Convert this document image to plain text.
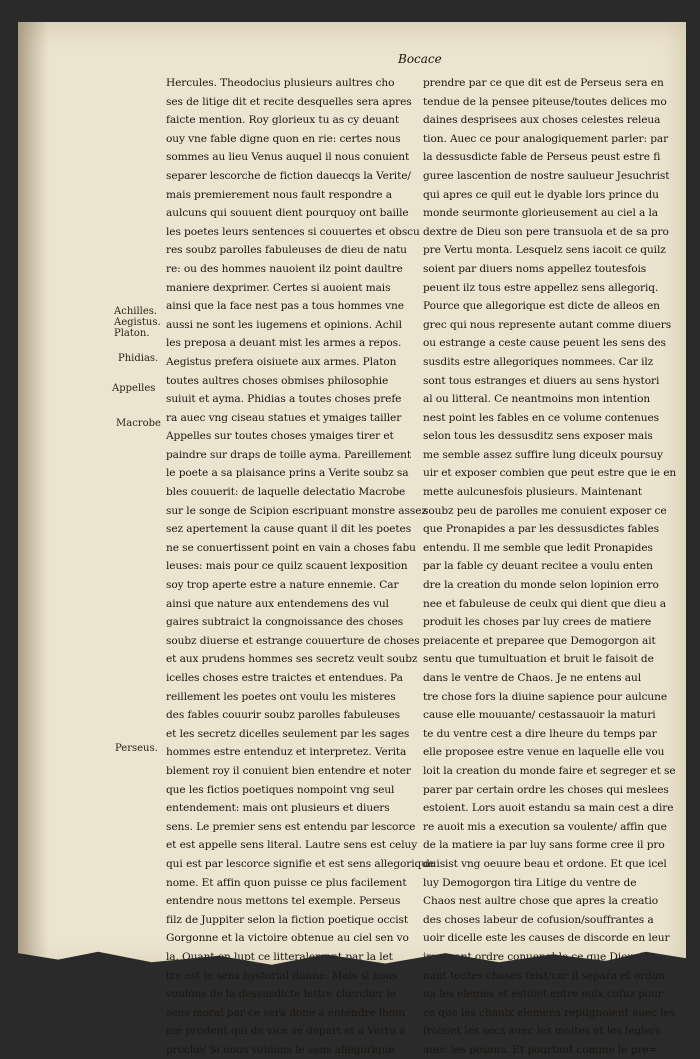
Bocace
Achilles.
Aegistus.
Platon.
Phidias.
Appelles
Macrobe
Perseus.
Hercules. Theodocius plusieurs aultres cho
ses de litige dit et recite desquelles sera apres
faicte mention. Roy glorieux tu as cy deuant
ouy vne fable digne quon en rie: certes nous
sommes au lieu Venus auquel il nous conuient
separer lescorche de fiction dauecqs la Verite/
mais premierement nous fault respondre a
aulcuns qui souuent dient pourquoy ont baille
les poetes leurs sentences si couuertes et obscu
res soubz parolles fabuleuses de dieu de natu
re: ou des hommes nauoient ilz point daultre
maniere dexprimer. Certes si auoient mais
ainsi que la face nest pas a tous hommes vne
aussi ne sont les iugemens et opinions. Achil
les preposa a deuant mist les armes a repos.
Aegistus prefera oisiuete aux armes. Platon
toutes aultres choses obmises philosophie
suiuit et ayma. Phidias a toutes choses prefe
ra auec vng ciseau statues et ymaiges tailler
Appelles sur toutes choses ymaiges tirer et
paindre sur draps de toille ayma. Pareillement
le poete a sa plaisance prins a Verite soubz sa
bles couuerit: de laquelle delectatio Macrobe
sur le songe de Scipion escripuant monstre assez
sez apertement la cause quant il dit les poetes
ne se conuertissent point en vain a choses fabu
leuses: mais pour ce quilz scauent lexposition
soy trop aperte estre a nature ennemie. Car
ainsi que nature aux entendemens des vul
gaires subtraict la congnoissance des choses
soubz diuerse et estrange couuerture de choses
et aux prudens hommes ses secretz veult soubz
icelles choses estre traictes et entendues. Pa
reillement les poetes ont voulu les misteres
des fables couurir soubz parolles fabuleuses
et les secretz dicelles seulement par les sages
hommes estre entenduz et interpretez. Verita
blement roy il conuient bien entendre et noter
que les fictios poetiques nompoint vng seul
entendement: mais ont plusieurs et diuers
sens. Le premier sens est entendu par lescorce
et est appelle sens literal. Lautre sens est celuy
qui est par lescorce signifie et est sens allegorique
nome. Et affin quon puisse ce plus facilement
entendre nous mettons tel exemple. Perseus
filz de Juppiter selon la fiction poetique occist
Gorgonne et la victoire obtenue au ciel sen vo
la. Quant on lupt ce litteralement par la let
tre est le sens hystorial donne: Mais si nous
voulons de la dessusdicte lettre chercher le
sens moral par ce sera done a entendre lhom
me prudent qui de vice se depart et a Vertu a
proche/ Si nous voulons le sens allegorique
prendre par ce que dit est de Perseus sera en
tendue de la pensee piteuse/toutes delices mo
daines desprisees aux choses celestes releua
tion. Auec ce pour analogiquement parler: par
la dessusdicte fable de Perseus peust estre fi
guree lascention de nostre saulueur Jesuchrist
qui apres ce quil eut le dyable lors prince du
monde seurmonte glorieusement au ciel a la
dextre de Dieu son pere transuola et de sa pro
pre Vertu monta. Lesquelz sens iacoit ce quilz
soient par diuers noms appellez toutesfois
peuent ilz tous estre appellez sens allegoriq.
Pource que allegorique est dicte de alleos en
grec qui nous represente autant comme diuers
ou estrange a ceste cause peuent les sens des
susdits estre allegoriques nommees. Car ilz
sont tous estranges et diuers au sens hystori
al ou litteral. Ce neantmoins mon intention
nest point les fables en ce volume contenues
selon tous les dessusditz sens exposer mais
me semble assez suffire lung diceulx poursuy
uir et exposer combien que peut estre que ie en
mette aulcunesfois plusieurs. Maintenant
soubz peu de parolles me conuient exposer ce
que Pronapides a par les dessusdictes fables
entendu. Il me semble que ledit Pronapides
par la fable cy deuant recitee a voulu enten
dre la creation du monde selon lopinion erro
nee et fabuleuse de ceulx qui dient que dieu a
produit les choses par luy crees de matiere
preiacente et preparee que Demogorgon ait
sentu que tumultuation et bruit le faisoit de
dans le ventre de Chaos. Je ne entens aul
tre chose fors la diuine sapience pour aulcune
cause elle mouuante/ cestassauoir la maturi
te du ventre cest a dire lheure du temps par
elle proposee estre venue en laquelle elle vou
loit la creation du monde faire et segreger et se
parer par certain ordre les choses qui meslees
estoient. Lors auoit estandu sa main cest a dire
re auoit mis a execution sa voulente/ affin que
de la matiere ia par luy sans forme cree il pro
duisist vng oeuure beau et ordone. Et que icel
luy Demogorgon tira Litige du ventre de
Chaos nest aultre chose que apres la creatio
des choses labeur de cofusion/souffrantes a
uoir dicelle este les causes de discorde en leur
nant toutes choses feist/car il separa et ordon
na les elemes et estoiet entre eulx cofuz pour
ce que les chaulx elemens repugnoient auec les
froix/et les secz auec les moites et les legiers
auec les pesans. Et pourtant comme le pre=
